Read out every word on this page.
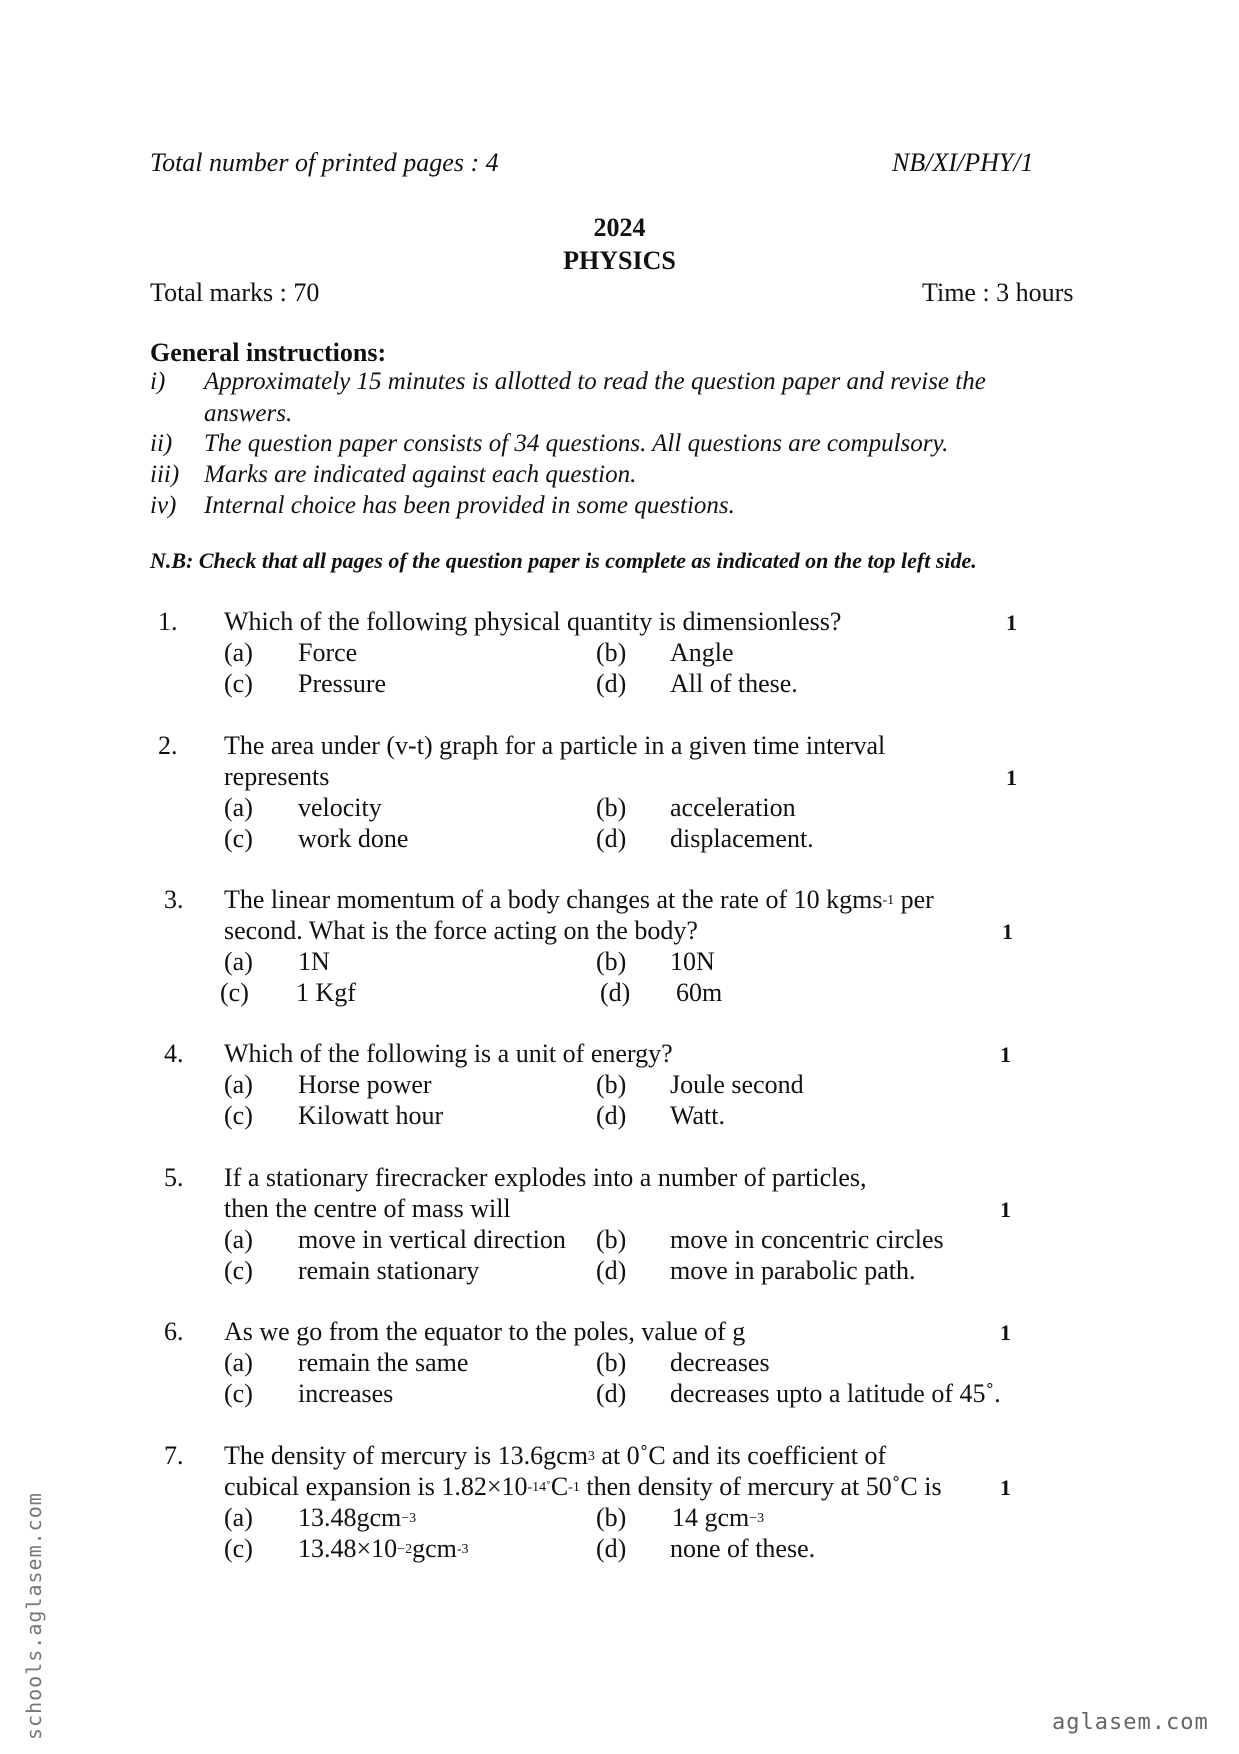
Total number of printed pages : 4	NB/XI/PHY/1
2024
PHYSICS
Total marks : 70	Time : 3 hours
General instructions:
i) Approximately 15 minutes is allotted to read the question paper and revise the
answers.
ii) The question paper consists of 34 questions. All questions are compulsory.
iii) Marks are indicated against each question.
iv) Internal choice has been provided in some questions.
N.B: Check that all pages of the question paper is complete as indicated on the top left side.
1. Which of the following physical quantity is dimensionless?	1
(a) Force	(b) Angle
(c) Pressure	(d) All of these.
2. The area under (v-t) graph for a particle in a given time interval
represents	1
(a) velocity	(b) acceleration
(c) work done	(d) displacement.
3. The linear momentum of a body changes at the rate of 10 kgms$^{-1}$ per
second. What is the force acting on the body?	1
(a) 1N	(b) 10N
(c) 1 Kgf	(d) 60m
4. Which of the following is a unit of energy?	1
(a) Horse power	(b) Joule second
(c) Kilowatt hour	(d) Watt.
5. If a stationary firecracker explodes into a number of particles,
then the centre of mass will	1
(a) move in vertical direction (b) move in concentric circles
(c) remain stationary	(d) move in parabolic path.
6. As we go from the equator to the poles, value of g	1
(a) remain the same	(b) decreases
(c) increases	(d) decreases upto a latitude of 45˚.
7. The density of mercury is 13.6gcm$^3$ at 0˚C and its coefficient of
cubical expansion is $1.82\times 10^{-14˚}C^{-1}$ then density of mercury at 50˚C is	1
(a) 13.48gcm$^{-3}$	(b) 14 gcm$^{-3}$
(c) $13.48\times 10^{-2}gcm^{-3}$	(d) none of these.
schools.aglasem.com	aglasem.com
